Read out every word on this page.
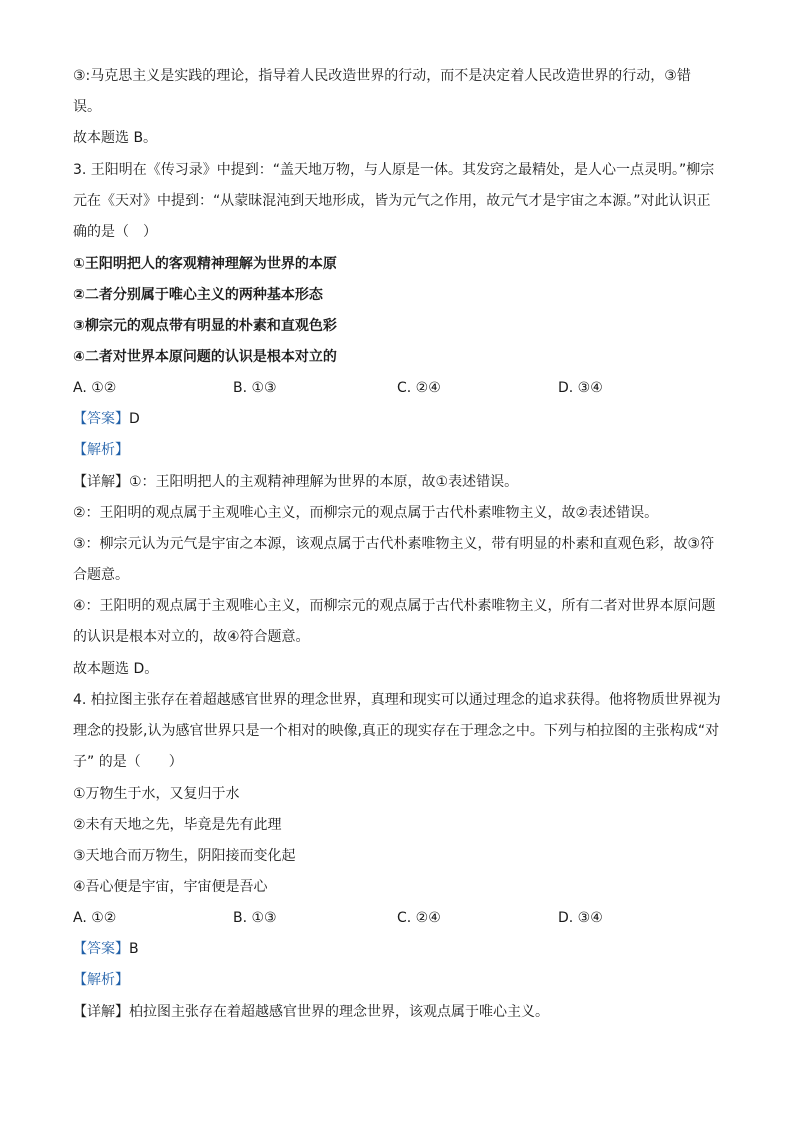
③:马克思主义是实践的理论，指导着人民改造世界的行动，而不是决定着人民改造世界的行动，③错
误。
故本题选 B。
3. 王阳明在《传习录》中提到：“盖天地万物，与人原是一体。其发窍之最精处，是人心一点灵明。”柳宗
元在《天对》中提到：“从蒙昧混沌到天地形成，皆为元气之作用，故元气才是宇宙之本源。”对此认识正
确的是（　）
①王阳明把人的客观精神理解为世界的本原
②二者分别属于唯心主义的两种基本形态
③柳宗元的观点带有明显的朴素和直观色彩
④二者对世界本原问题的认识是根本对立的
A. ①②	B. ①③	C. ②④	D. ③④
【答案】D
【解析】
【详解】①：王阳明把人的主观精神理解为世界的本原，故①表述错误。
②：王阳明的观点属于主观唯心主义，而柳宗元的观点属于古代朴素唯物主义，故②表述错误。
③：柳宗元认为元气是宇宙之本源，该观点属于古代朴素唯物主义，带有明显的朴素和直观色彩，故③符
合题意。
④：王阳明的观点属于主观唯心主义，而柳宗元的观点属于古代朴素唯物主义，所有二者对世界本原问题
的认识是根本对立的，故④符合题意。
故本题选 D。
4. 柏拉图主张存在着超越感官世界的理念世界，真理和现实可以通过理念的追求获得。他将物质世界视为
理念的投影,认为感官世界只是一个相对的映像,真正的现实存在于理念之中。下列与柏拉图的主张构成“对
子” 的是（　　）
①万物生于水，又复归于水
②未有天地之先，毕竟是先有此理
③天地合而万物生，阴阳接而变化起
④吾心便是宇宙，宇宙便是吾心
A. ①②	B. ①③	C. ②④	D. ③④
【答案】B
【解析】
【详解】柏拉图主张存在着超越感官世界的理念世界，该观点属于唯心主义。
